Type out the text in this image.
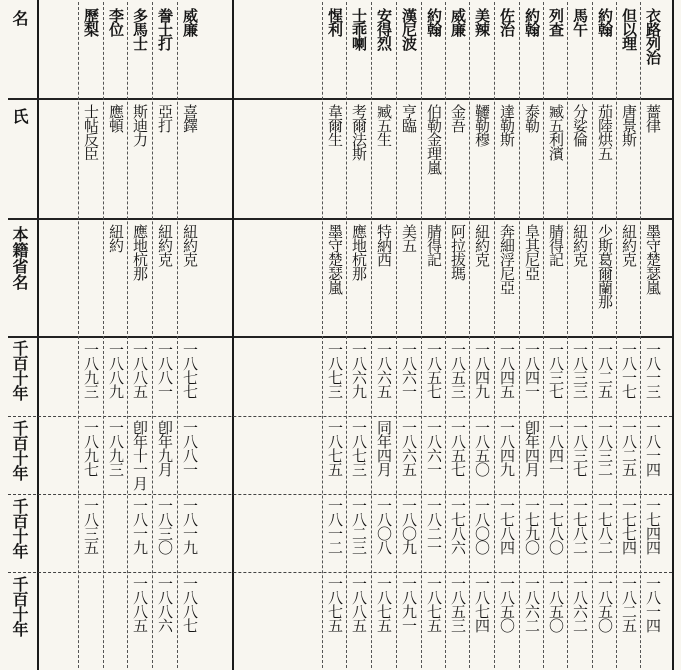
名
氏
本籍省名
千百十年
千百十年
千百十年
千百十年
衣路列治
薔律
墨守楚瑟嵐
一八一三
一八一四
一七四四
一八一四
但以理
唐景斯
紐約克
一八一七
一八二五
一七七四
一八二五
約翰
茄陸烘五
少斯葛爾蘭那
一八二五
一八三二
一七八二
一八五〇
馬午
分娑倫
紐約克
一八三三
一八三七
一七八二
一八六二
列查
臧五利濱
腈得記
一八三七
一八四一
一七八〇
一八五〇
約翰
泰勒
阜其尼亞
一八四一
卽年四月
一七九〇
一八六二
佐治
達勒斯
奔細浮尼亞
一八四五
一八四九
一七八四
一八五〇
美辣
韆勒穆
紐約克
一八四九
一八五〇
一八〇〇
一八七四
威廉
金吾
阿拉拔瑪
一八五三
一八五七
一七八六
一八五三
約翰
伯勒金理嵐
腈得記
一八五七
一八六一
一八二一
一八七五
漢尼波
亨臨
美五
一八六一
一八六五
一八〇九
一八九一
安得烈
臧五生
特納西
一八六五
同年四月
一八〇八
一八七五
士乖喇
考爾法斯
應地杭那
一八六九
一八七三
一八二三
一八八五
惺利
韋爾生
墨守楚瑟嵐
一八七三
一八七五
一八一二
一八七五
威廉
喜鐸
紐約克
一八七七
一八八一
一八一九
一八八七
誊士打
亞打
紐約克
一八八一
卽年九月
一八三〇
一八八六
多馬士
斯迪力
應地杭那
一八八五
卽年十一月
一八一九
一八八五
李位
應頓
紐約
一八八九
一八九三
歷梨
士帖反臣
一八九三
一八九七
一八三五
